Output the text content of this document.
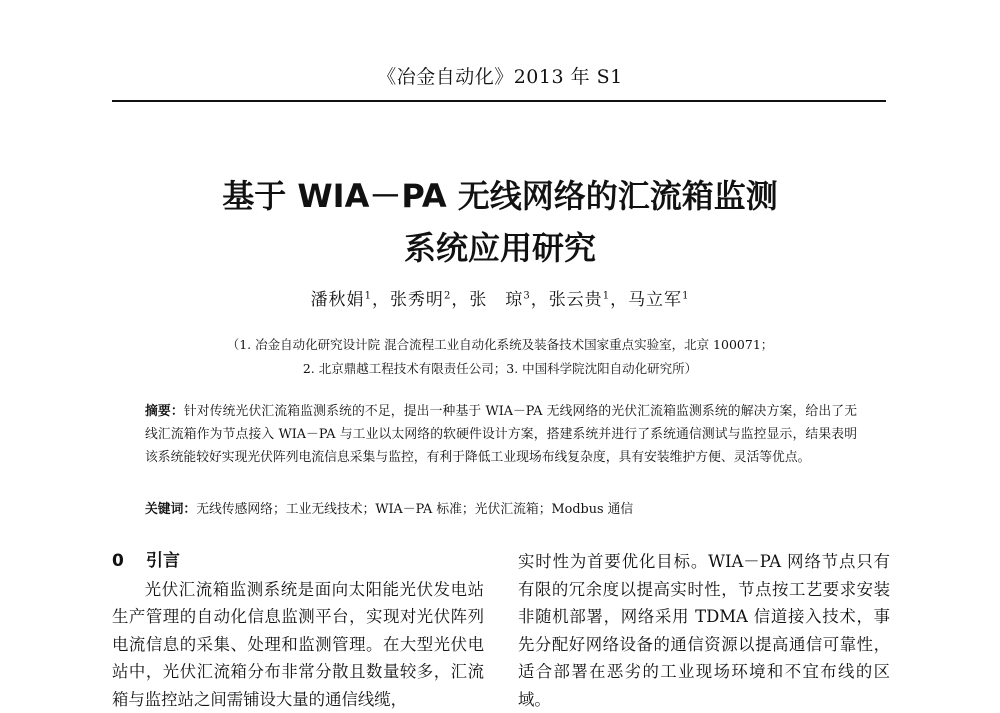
《冶金自动化》2013 年 S1
基于 WIA－PA 无线网络的汇流箱监测
系统应用研究
潘秋娟$^1$，张秀明$^2$，张　琼$^3$，张云贵$^1$，马立军$^1$
（1. 冶金自动化研究设计院 混合流程工业自动化系统及装备技术国家重点实验室，北京 100071；
2. 北京鼎越工程技术有限责任公司；3. 中国科学院沈阳自动化研究所）
摘要：针对传统光伏汇流箱监测系统的不足，提出一种基于 WIA－PA 无线网络的光伏汇流箱监测系统的解决方案，给出了无线汇流箱作为节点接入 WIA－PA 与工业以太网络的软硬件设计方案，搭建系统并进行了系统通信测试与监控显示，结果表明该系统能较好实现光伏阵列电流信息采集与监控，有利于降低工业现场布线复杂度，具有安装维护方便、灵活等优点。
关键词：无线传感网络；工业无线技术；WIA－PA 标准；光伏汇流箱；Modbus 通信
0 引言
光伏汇流箱监测系统是面向太阳能光伏发电站生产管理的自动化信息监测平台，实现对光伏阵列电流信息的采集、处理和监测管理。在大型光伏电站中，光伏汇流箱分布非常分散且数量较多，汇流箱与监控站之间需铺设大量的通信线缆，
实时性为首要优化目标。WIA－PA 网络节点只有有限的冗余度以提高实时性，节点按工艺要求安装非随机部署，网络采用 TDMA 信道接入技术，事先分配好网络设备的通信资源以提高通信可靠性，适合部署在恶劣的工业现场环境和不宜布线的区域。
